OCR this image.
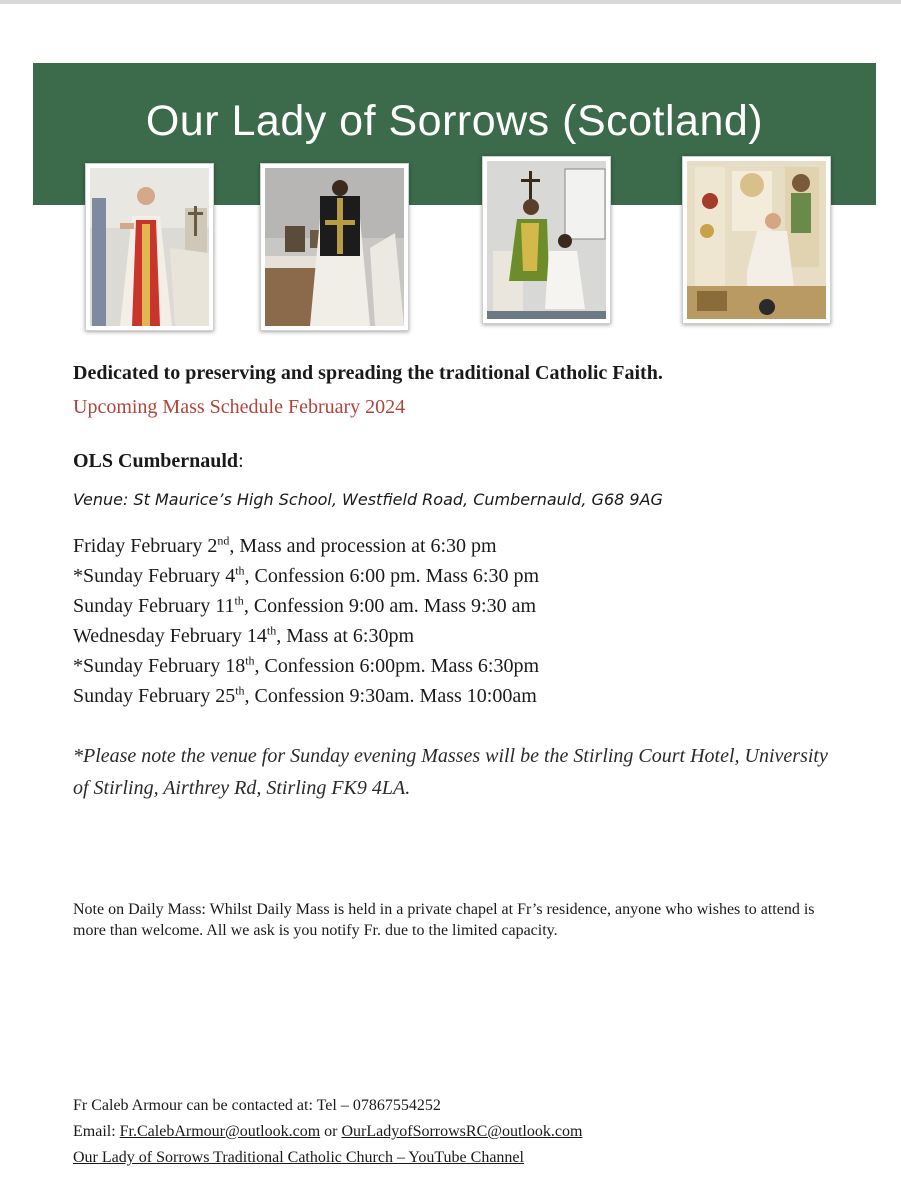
Our Lady of Sorrows (Scotland)
Dedicated to preserving and spreading the traditional Catholic Faith.
Upcoming Mass Schedule February 2024
OLS Cumbernauld:
Venue: St Maurice’s High School, Westfield Road, Cumbernauld, G68 9AG
Friday February 2nd, Mass and procession at 6:30 pm
*Sunday February 4th, Confession 6:00 pm. Mass 6:30 pm
Sunday February 11th, Confession 9:00 am. Mass 9:30 am
Wednesday February 14th, Mass at 6:30pm
*Sunday February 18th, Confession 6:00pm. Mass 6:30pm
Sunday February 25th, Confession 9:30am. Mass 10:00am
*Please note the venue for Sunday evening Masses will be the Stirling Court Hotel, University of Stirling, Airthrey Rd, Stirling FK9 4LA.
Note on Daily Mass: Whilst Daily Mass is held in a private chapel at Fr’s residence, anyone who wishes to attend is more than welcome. All we ask is you notify Fr. due to the limited capacity.
Fr Caleb Armour can be contacted at: Tel – 07867554252
Email: Fr.CalebArmour@outlook.com or OurLadyofSorrowsRC@outlook.com
Our Lady of Sorrows Traditional Catholic Church – YouTube Channel
